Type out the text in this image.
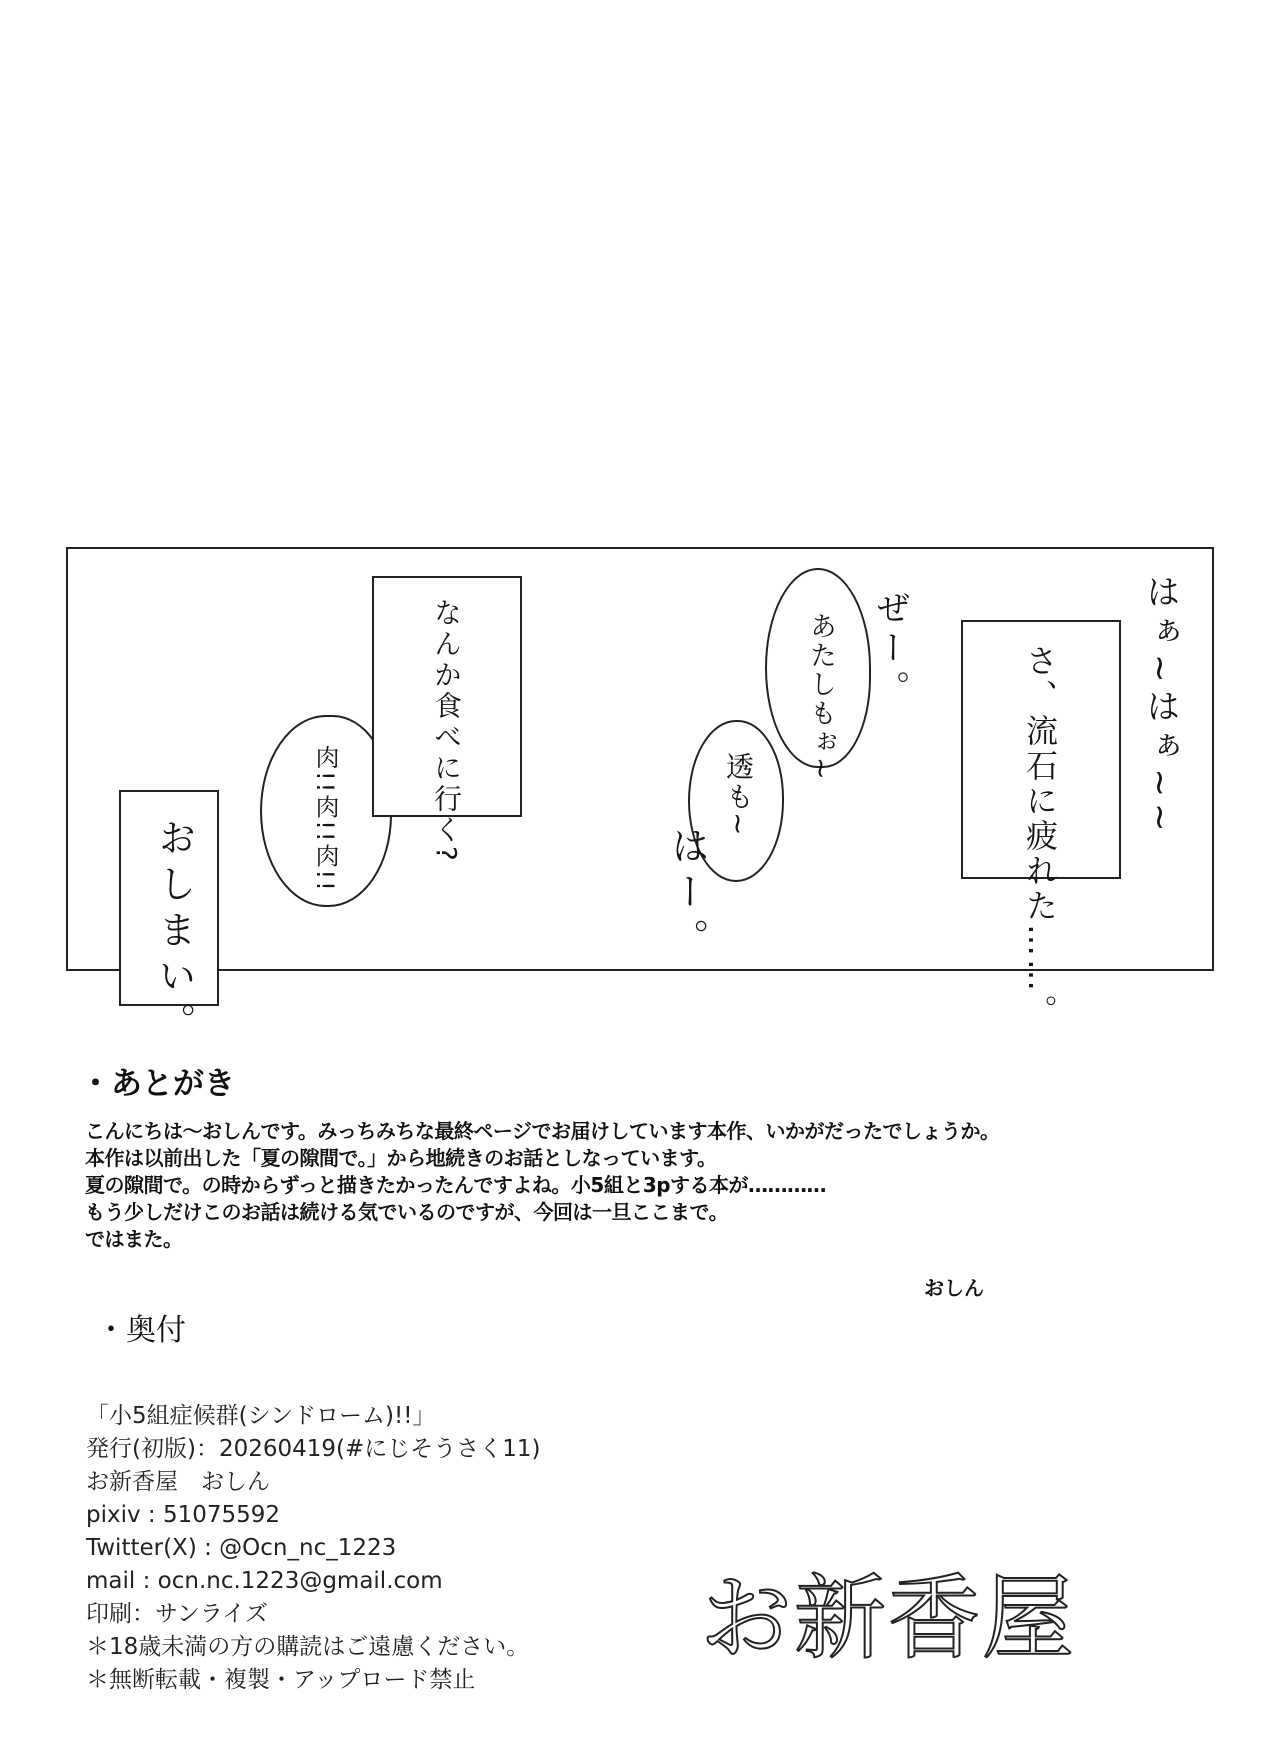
おしまい。	肉!!肉!!肉!!	なんか食べに行く?	あたしもぉ~ ぜー。
透も~
はー。	さ、流石に疲れた……。 はぁ~はぁ~~
・あとがき
こんにちは～おしんです。みっちみちな最終ページでお届けしています本作、いかがだったでしょうか。
本作は以前出した「夏の隙間で。」から地続きのお話としなっています。
夏の隙間で。の時からずっと描きたかったんですよね。小5組と3pする本が…………
もう少しだけこのお話は続ける気でいるのですが、今回は一旦ここまで。
ではまた。
おしん
・奥付
「小5組症候群(シンドローム)!!」
発行(初版)：20260419(#にじそうさく11)
お新香屋　おしん
pixiv : 51075592
Twitter(X) : @Ocn_nc_1223
mail : ocn.nc.1223@gmail.com
印刷：サンライズ
＊18歳未満の方の購読はご遠慮ください。
＊無断転載・複製・アップロード禁止
お新香屋
